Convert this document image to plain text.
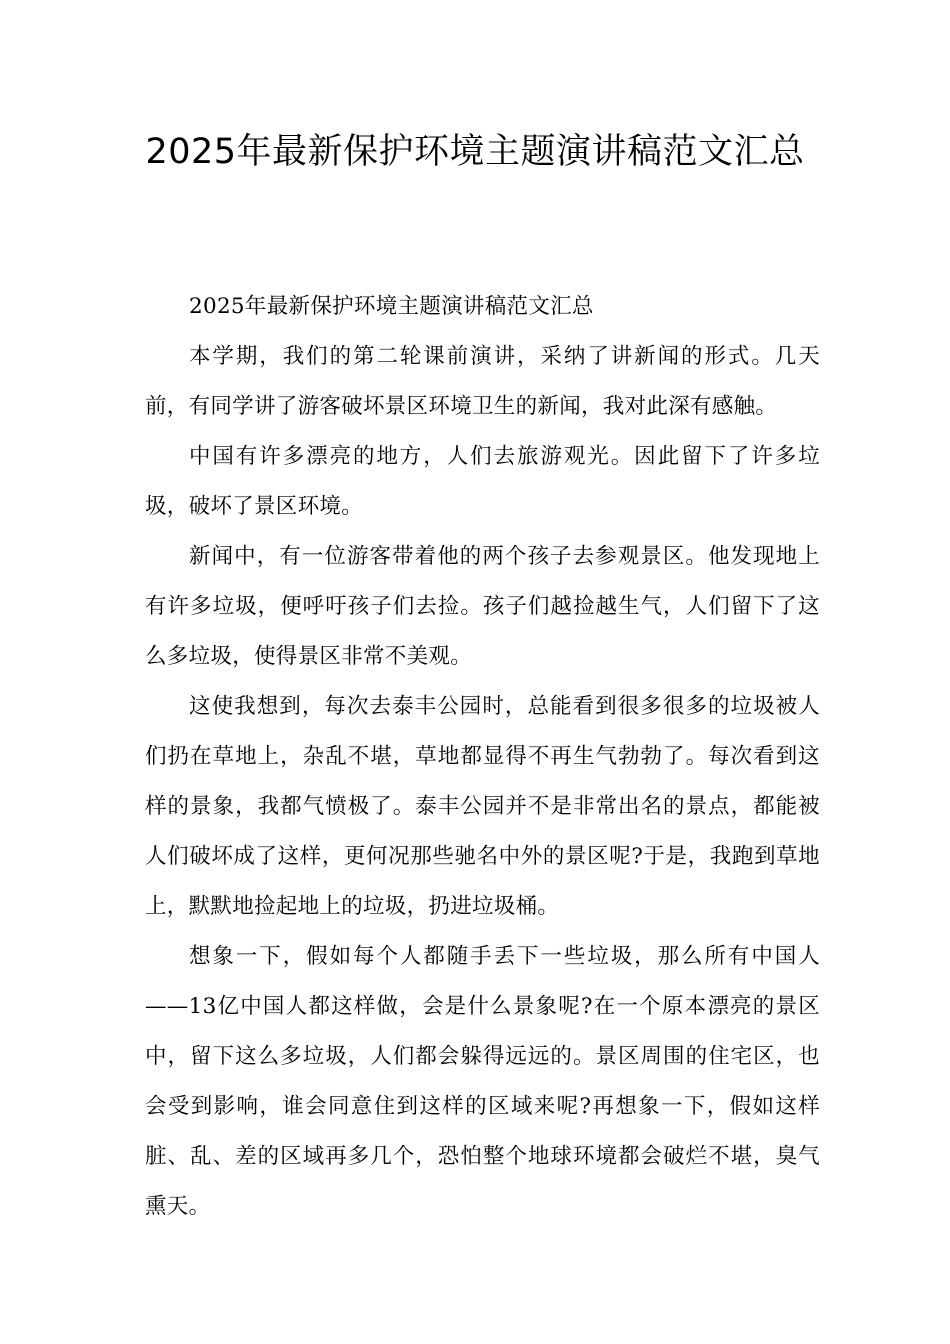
2025年最新保护环境主题演讲稿范文汇总

2025年最新保护环境主题演讲稿范文汇总

本学期，我们的第二轮课前演讲，采纳了讲新闻的形式。几天前，有同学讲了游客破坏景区环境卫生的新闻，我对此深有感触。

中国有许多漂亮的地方，人们去旅游观光。因此留下了许多垃圾，破坏了景区环境。

新闻中，有一位游客带着他的两个孩子去参观景区。他发现地上有许多垃圾，便呼吁孩子们去捡。孩子们越捡越生气，人们留下了这么多垃圾，使得景区非常不美观。

这使我想到，每次去泰丰公园时，总能看到很多很多的垃圾被人们扔在草地上，杂乱不堪，草地都显得不再生气勃勃了。每次看到这样的景象，我都气愤极了。泰丰公园并不是非常出名的景点，都能被人们破坏成了这样，更何况那些驰名中外的景区呢?于是，我跑到草地上，默默地捡起地上的垃圾，扔进垃圾桶。

想象一下，假如每个人都随手丢下一些垃圾，那么所有中国人——13亿中国人都这样做，会是什么景象呢?在一个原本漂亮的景区中，留下这么多垃圾，人们都会躲得远远的。景区周围的住宅区，也会受到影响，谁会同意住到这样的区域来呢?再想象一下，假如这样脏、乱、差的区域再多几个，恐怕整个地球环境都会破烂不堪，臭气熏天。
